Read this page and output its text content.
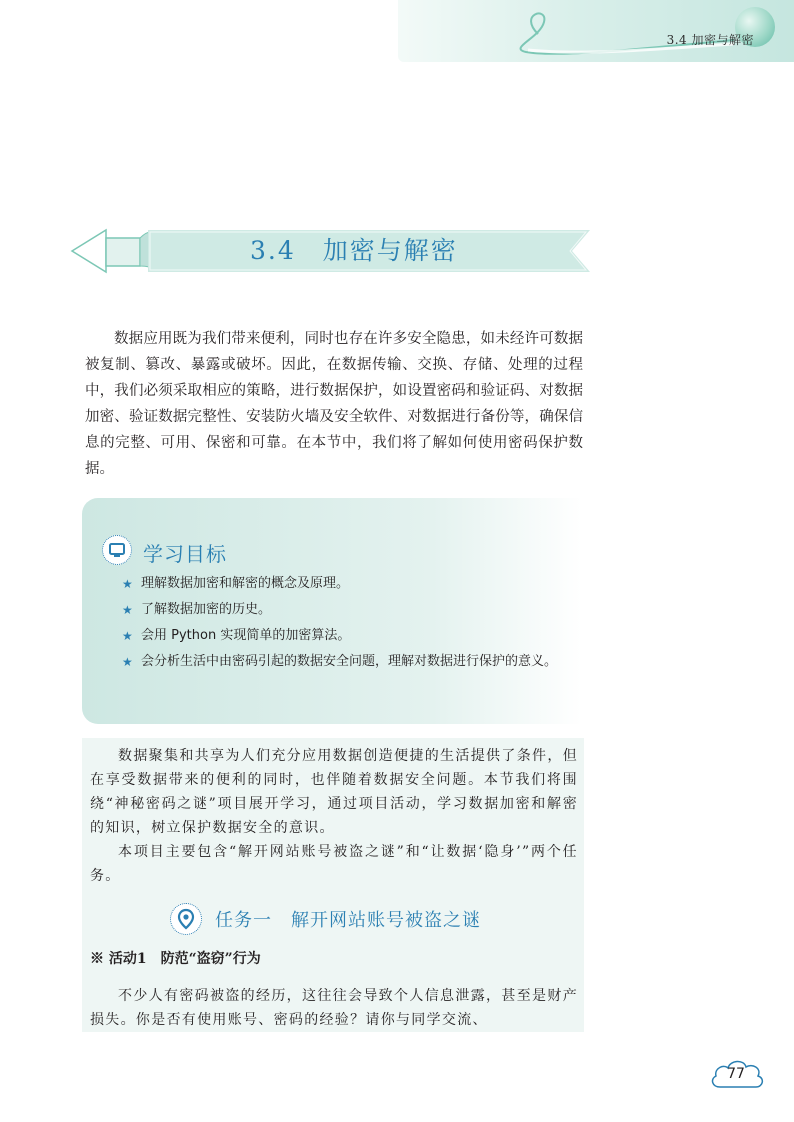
3.4 加密与解密
3.4　加密与解密
数据应用既为我们带来便利，同时也存在许多安全隐患，如未经许可数据被复制、篡改、暴露或破坏。因此，在数据传输、交换、存储、处理的过程中，我们必须采取相应的策略，进行数据保护，如设置密码和验证码、对数据加密、验证数据完整性、安装防火墙及安全软件、对数据进行备份等，确保信息的完整、可用、保密和可靠。在本节中，我们将了解如何使用密码保护数据。
学习目标
★ 理解数据加密和解密的概念及原理。
★ 了解数据加密的历史。
★ 会用 Python 实现简单的加密算法。
★ 会分析生活中由密码引起的数据安全问题，理解对数据进行保护的意义。

数据聚集和共享为人们充分应用数据创造便捷的生活提供了条件，但在享受数据带来的便利的同时，也伴随着数据安全问题。本节我们将围绕“神秘密码之谜”项目展开学习，通过项目活动，学习数据加密和解密的知识，树立保护数据安全的意识。

本项目主要包含“解开网站账号被盗之谜”和“让数据‘隐身’”两个任务。

任务一　解开网站账号被盗之谜
※ 活动1　防范“盗窃”行为
不少人有密码被盗的经历，这往往会导致个人信息泄露，甚至是财产损失。你是否有使用账号、密码的经验？请你与同学交流、
77
